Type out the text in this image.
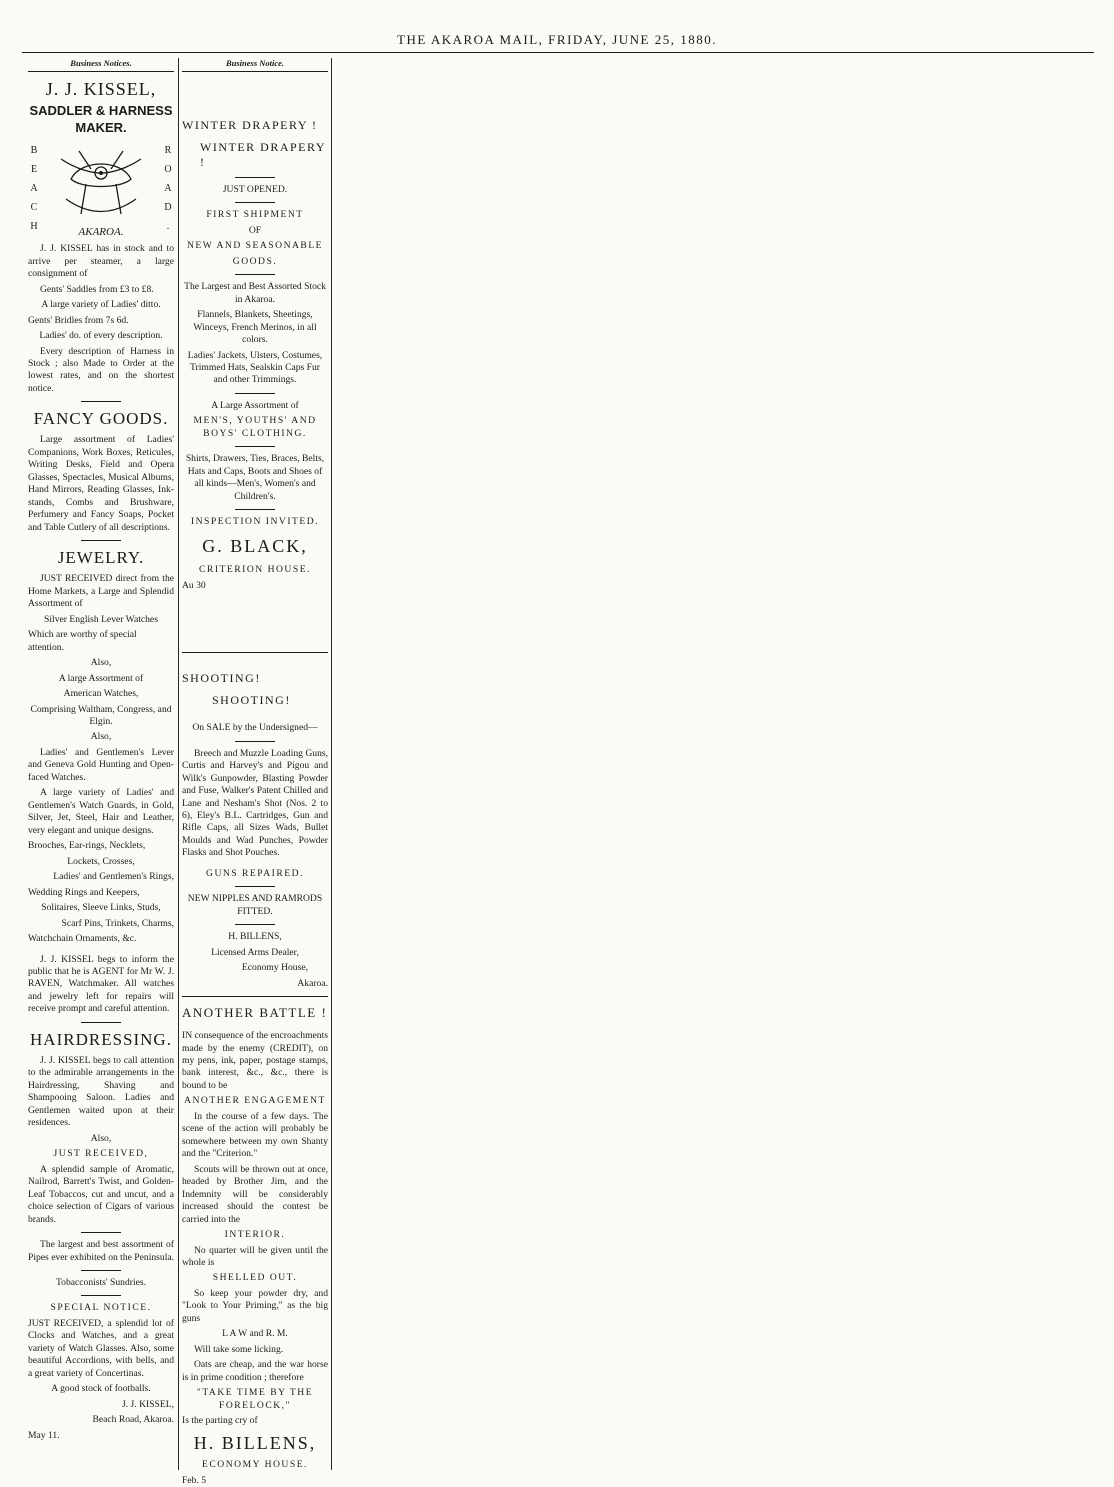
THE AKAROA MAIL, FRIDAY, JUNE 25, 1880.
Business Notices.
J. J. KISSEL,
SADDLER & HARNESS MAKER.
B
E
A
C
H
R
O
A
D
.
AKAROA.

J. J. KISSEL has in stock and to arrive per steamer, a large consignment of

Gents' Saddles from £3 to £8.

A large variety of Ladies' ditto.

Gents' Bridles from 7s 6d.

Ladies' do. of every description.

Every description of Harness in Stock ; also Made to Order at the lowest rates, and on the shortest notice.

FANCY GOODS.

Large assortment of Ladies' Companions, Work Boxes, Reticules, Writing Desks, Field and Opera Glasses, Spectacles, Musical Albums, Hand Mirrors, Reading Glasses, Ink-stands, Combs and Brushware, Perfumery and Fancy Soaps, Pocket and Table Cutlery of all descriptions.

JEWELRY.

JUST RECEIVED direct from the Home Markets, a Large and Splendid Assortment of

Silver English Lever Watches

Which are worthy of special attention.

Also,

A large Assortment of

American Watches,

Comprising Waltham, Congress, and Elgin.

Also,

Ladies' and Gentlemen's Lever and Geneva Gold Hunting and Open-faced Watches.

A large variety of Ladies' and Gentlemen's Watch Guards, in Gold, Silver, Jet, Steel, Hair and Leather, very elegant and unique designs.

Brooches, Ear-rings, Necklets,

Lockets, Crosses,

Ladies' and Gentlemen's Rings,

Wedding Rings and Keepers,

Solitaires, Sleeve Links, Studs,

Scarf Pins, Trinkets, Charms,

Watchchain Ornaments, &c.

J. J. KISSEL begs to inform the public that he is AGENT for Mr W. J. RAVEN, Watchmaker. All watches and jewelry left for repairs will receive prompt and careful attention.

HAIRDRESSING.

J. J. KISSEL begs to call attention to the admirable arrangements in the Hairdressing, Shaving and Shampooing Saloon. Ladies and Gentlemen waited upon at their residences.

Also,

JUST RECEIVED,

A splendid sample of Aromatic, Nailrod, Barrett's Twist, and Golden-Leaf Tobaccos, cut and uncut, and a choice selection of Cigars of various brands.

The largest and best assortment of Pipes ever exhibited on the Peninsula.

Tobacconists' Sundries.

SPECIAL NOTICE.

JUST RECEIVED, a splendid lot of Clocks and Watches, and a great variety of Watch Glasses. Also, some beautiful Accordions, with bells, and a great variety of Concertinas.

A good stock of footballs.

J. J. KISSEL,

Beach Road, Akaroa.

May 11.

Business Notice.
WINTER DRAPERY !
WINTER DRAPERY !

JUST OPENED.

FIRST SHIPMENT

OF

NEW AND SEASONABLE

GOODS.

The Largest and Best Assorted Stock in Akaroa.

Flannels, Blankets, Sheetings, Winceys, French Merinos, in all colors.

Ladies' Jackets, Ulsters, Costumes, Trimmed Hats, Sealskin Caps Fur and other Trimmings.

A Large Assortment of

MEN'S, YOUTHS' AND BOYS' CLOTHING.

Shirts, Drawers, Ties, Braces, Belts, Hats and Caps, Boots and Shoes of all kinds—Men's, Women's and Children's.

INSPECTION INVITED.

G. BLACK,

CRITERION HOUSE.

Au 30

SHOOTING!
SHOOTING!

On SALE by the Undersigned—

Breech and Muzzle Loading Guns, Curtis and Harvey's and Pigou and Wilk's Gunpowder, Blasting Powder and Fuse, Walker's Patent Chilled and Lane and Nesham's Shot (Nos. 2 to 6), Eley's B.L. Cartridges, Gun and Rifle Caps, all Sizes Wads, Bullet Moulds and Wad Punches, Powder Flasks and Shot Pouches.

GUNS REPAIRED.

NEW NIPPLES AND RAMRODS FITTED.

H. BILLENS,

Licensed Arms Dealer,

Economy House,

Akaroa.

ANOTHER BATTLE !

IN consequence of the encroachments made by the enemy (CREDIT), on my pens, ink, paper, postage stamps, bank interest, &c., &c., there is bound to be

ANOTHER ENGAGEMENT

In the course of a few days. The scene of the action will probably be somewhere between my own Shanty and the "Criterion."

Scouts will be thrown out at once, headed by Brother Jim, and the Indemnity will be considerably increased should the contest be carried into the

INTERIOR.

No quarter will be given until the whole is

SHELLED OUT.

So keep your powder dry, and "Look to Your Priming," as the big guns

L A W and R. M.

Will take some licking.

Oats are cheap, and the war horse is in prime condition ; therefore

"TAKE TIME BY THE FORELOCK,"

Is the parting cry of

H. BILLENS,

ECONOMY HOUSE.

Feb. 5
